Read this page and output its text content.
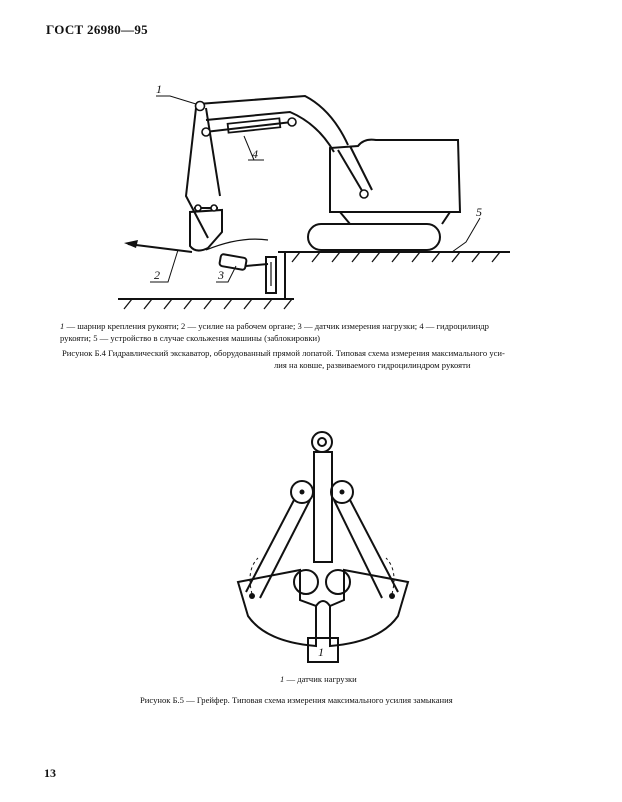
ГОСТ 26980—95
1
4
2	3
5
1 — шарнир крепления рукояти; 2 — усилие на рабочем органе; 3 — датчик измерения нагрузки; 4 — гидроцилиндр
рукояти; 5 — устройство в случае скольжения машины (заблокировки)
Рисунок Б.4 Гидравлический экскаватор, оборудованный прямой лопатой. Типовая схема измерения максимального уси-
лия на ковше, развиваемого гидроцилиндром рукояти
1
1 — датчик нагрузки
Рисунок Б.5 — Грейфер. Типовая схема измерения максимального усилия замыкания
13
